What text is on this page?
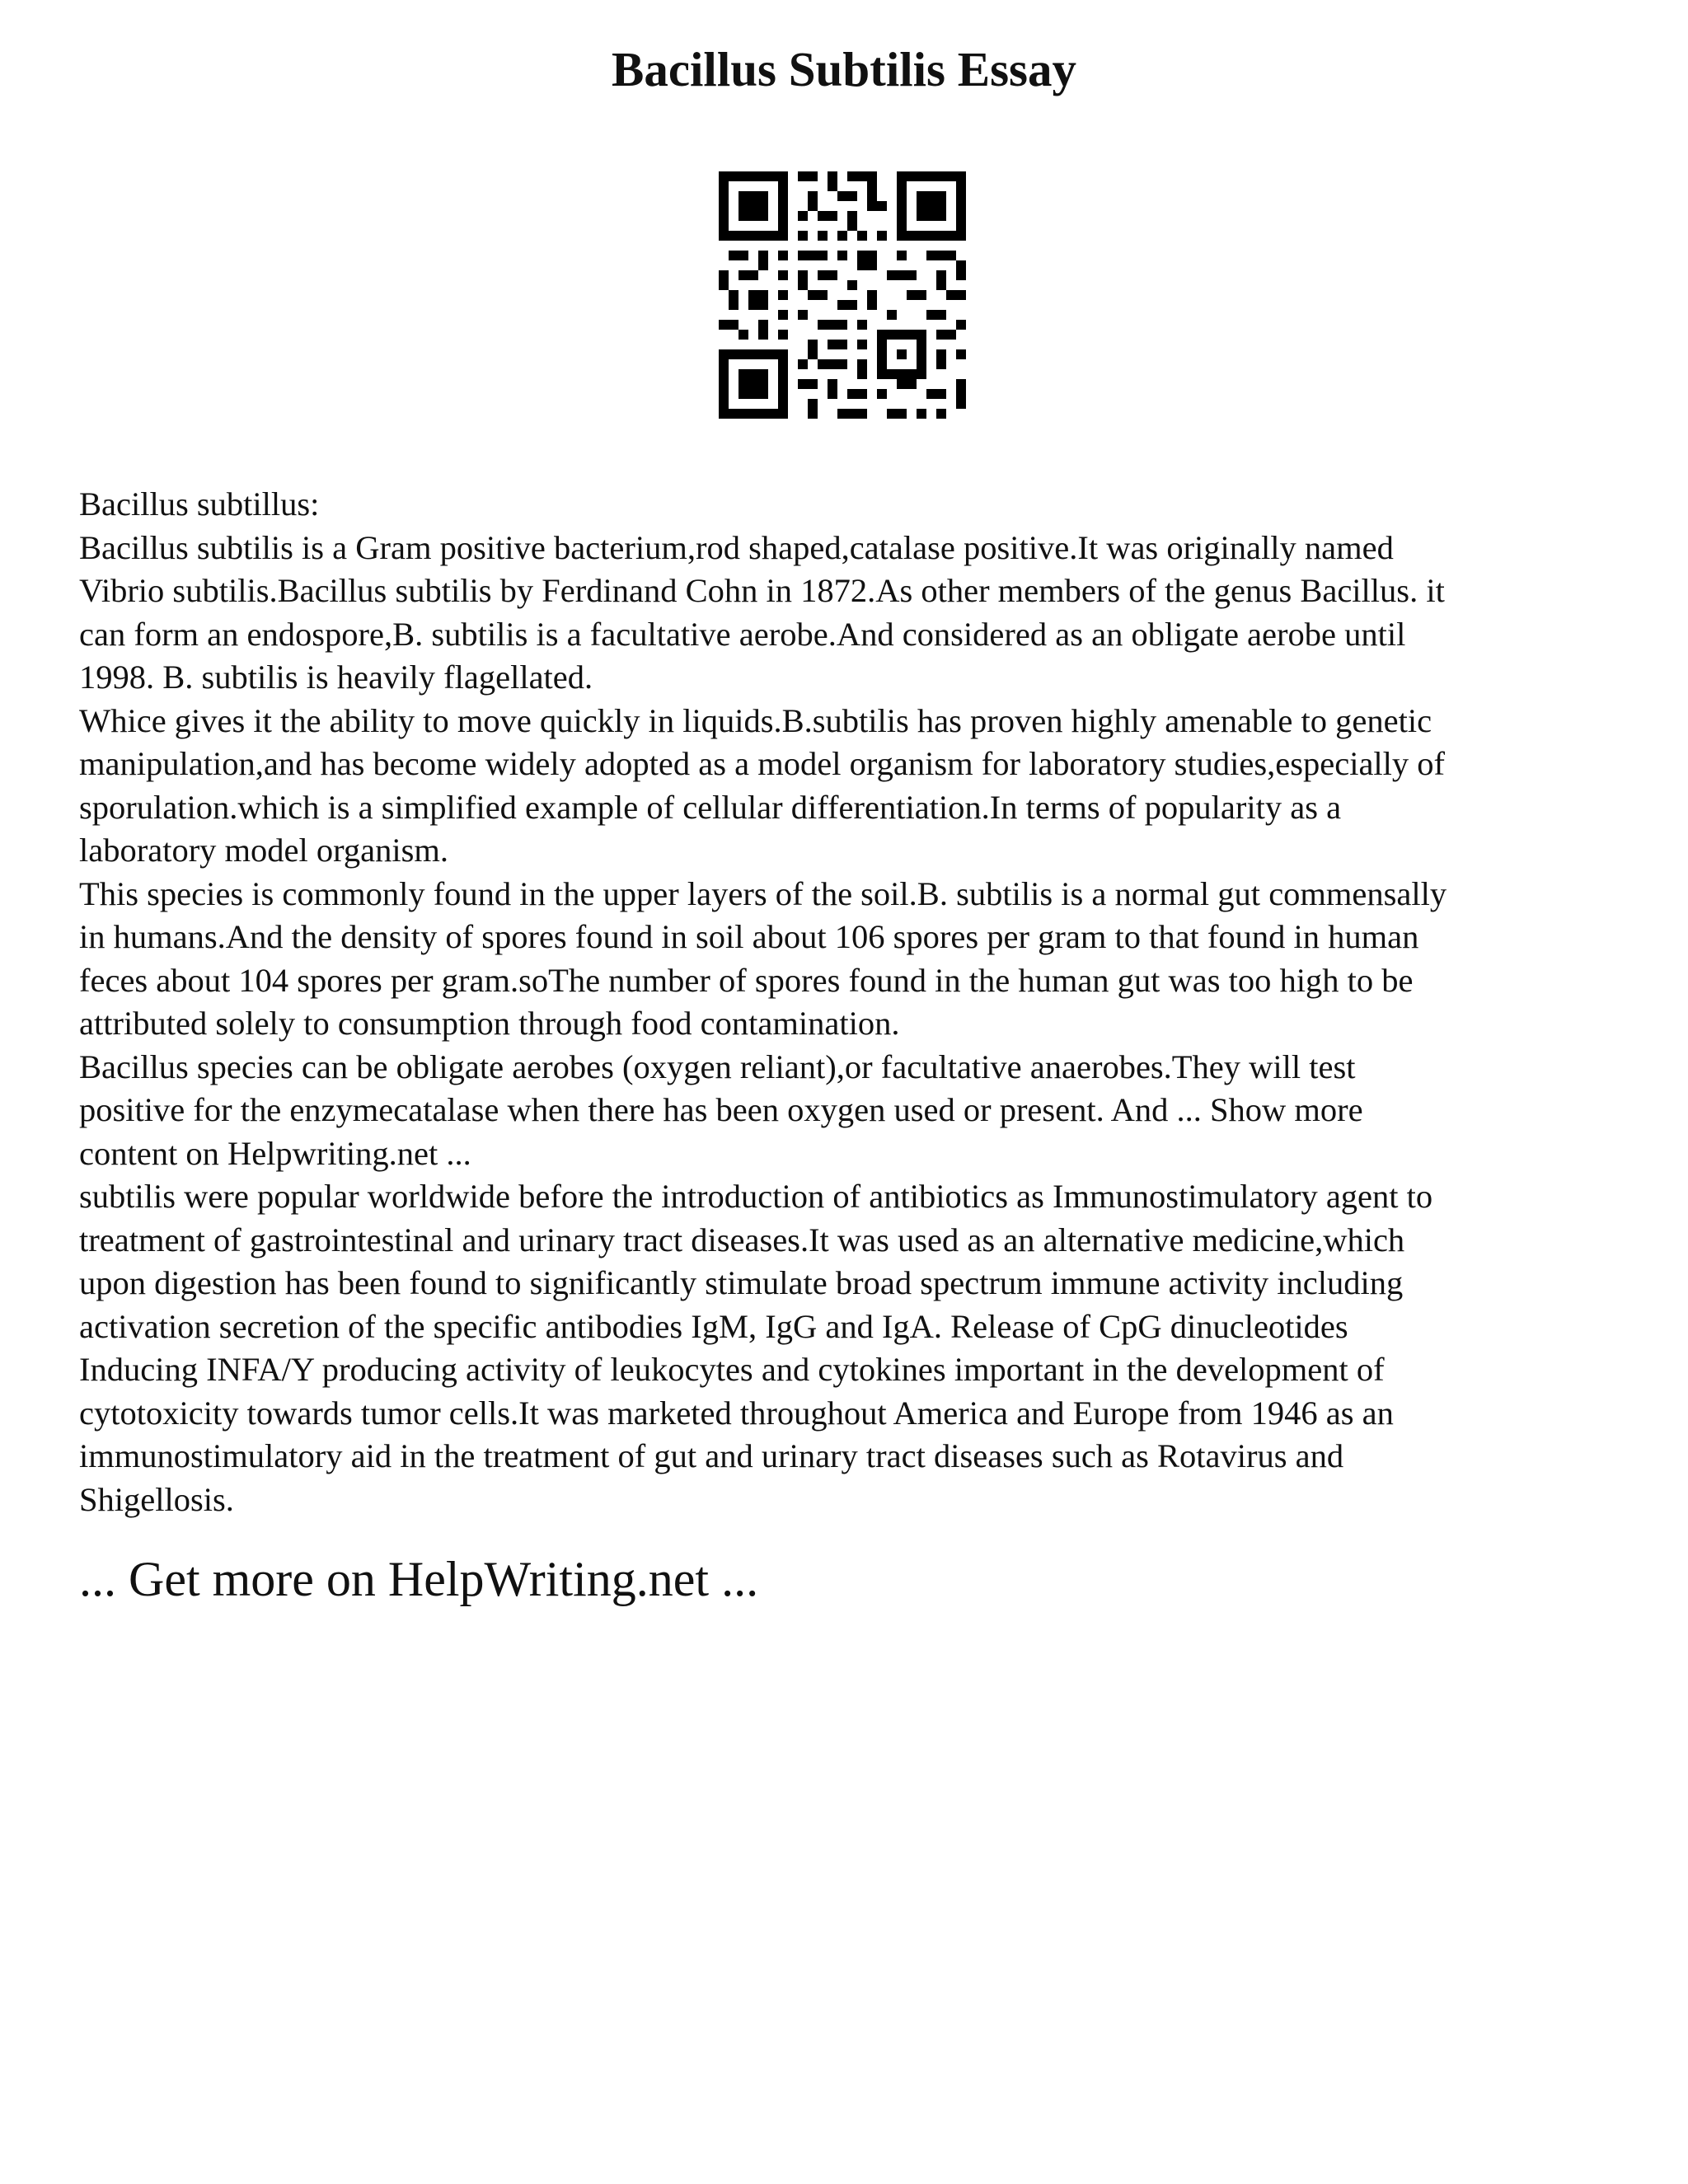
Bacillus Subtilis Essay
Bacillus subtillus:
Bacillus subtilis is a Gram positive bacterium,rod shaped,catalase positive.It was originally named
Vibrio subtilis.Bacillus subtilis by Ferdinand Cohn in 1872.As other members of the genus Bacillus. it
can form an endospore,B. subtilis is a facultative aerobe.And considered as an obligate aerobe until
1998. B. subtilis is heavily flagellated.
Whice gives it the ability to move quickly in liquids.B.subtilis has proven highly amenable to genetic
manipulation,and has become widely adopted as a model organism for laboratory studies,especially of
sporulation.which is a simplified example of cellular differentiation.In terms of popularity as a
laboratory model organism.
This species is commonly found in the upper layers of the soil.B. subtilis is a normal gut commensally
in humans.And the density of spores found in soil about 106 spores per gram to that found in human
feces about 104 spores per gram.soThe number of spores found in the human gut was too high to be
attributed solely to consumption through food contamination.
Bacillus species can be obligate aerobes (oxygen reliant),or facultative anaerobes.They will test
positive for the enzymecatalase when there has been oxygen used or present. And ... Show more
content on Helpwriting.net ...
subtilis were popular worldwide before the introduction of antibiotics as Immunostimulatory agent to
treatment of gastrointestinal and urinary tract diseases.It was used as an alternative medicine,which
upon digestion has been found to significantly stimulate broad spectrum immune activity including
activation secretion of the specific antibodies IgM, IgG and IgA. Release of CpG dinucleotides
Inducing INFA/Y producing activity of leukocytes and cytokines important in the development of
cytotoxicity towards tumor cells.It was marketed throughout America and Europe from 1946 as an
immunostimulatory aid in the treatment of gut and urinary tract diseases such as Rotavirus and
Shigellosis.
... Get more on HelpWriting.net ...
